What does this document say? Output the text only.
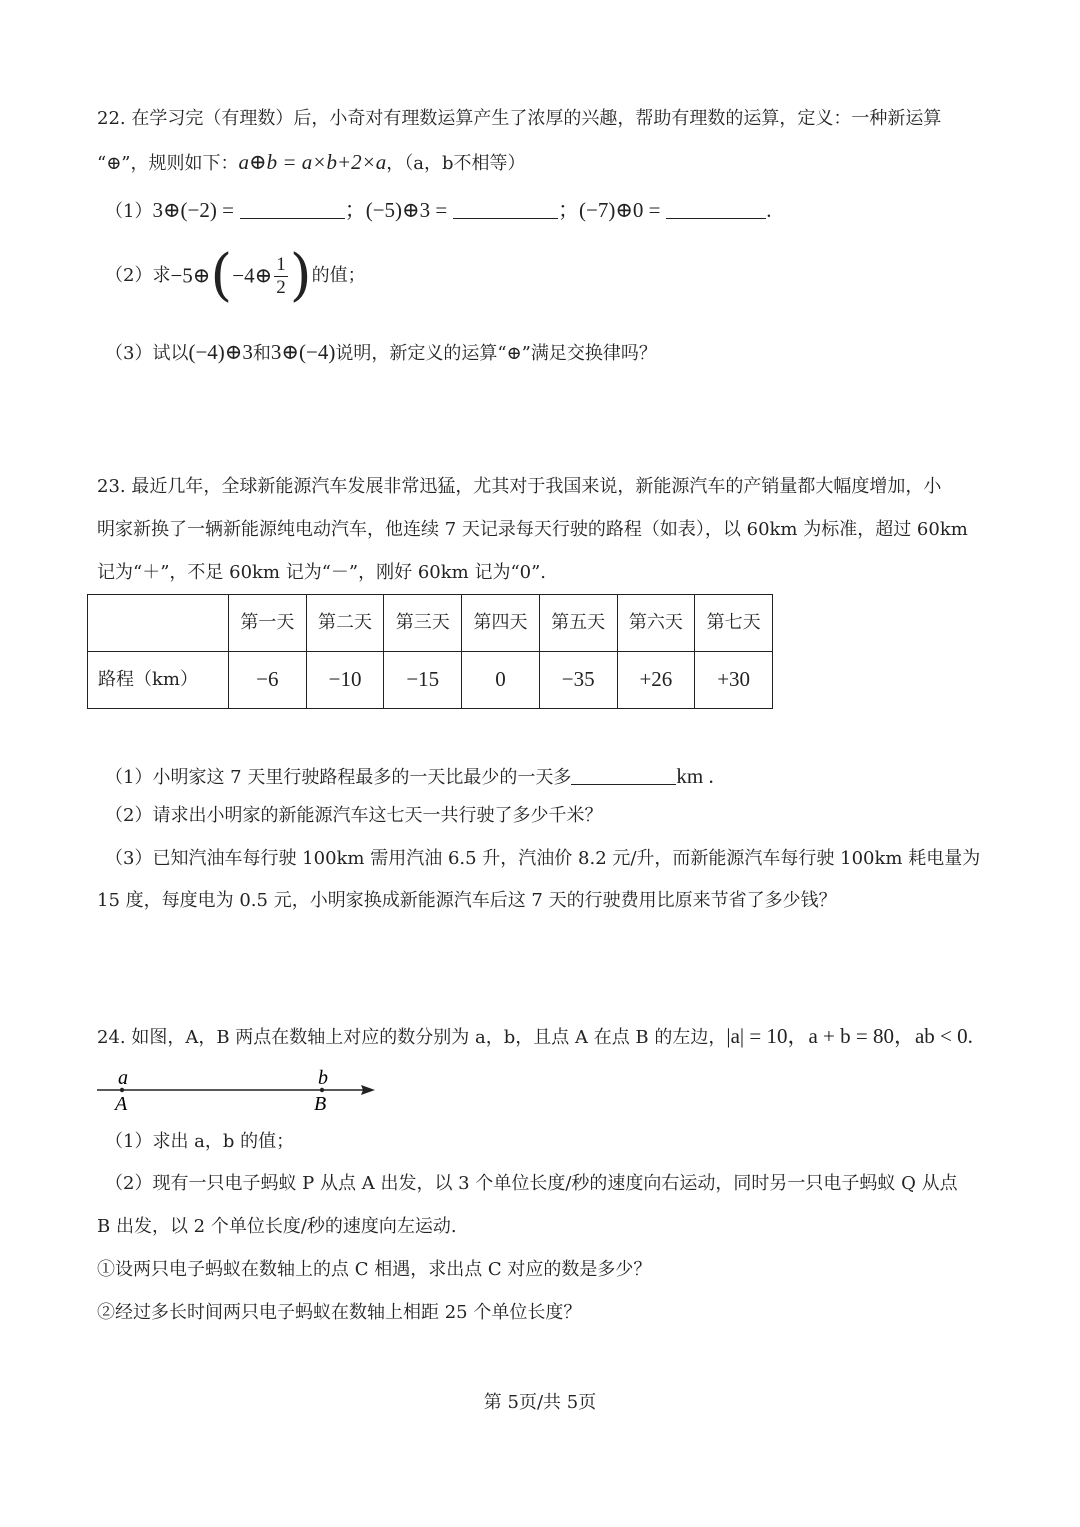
22. 在学习完（有理数）后，小奇对有理数运算产生了浓厚的兴趣，帮助有理数的运算，定义：一种新运算
“⊕”，规则如下：a⊕b = a×b+2×a，（a，b不相等）
（1）3⊕(−2) =	；(−5)⊕3 =	；(−7)⊕0 =	.
（2）求−5⊕(−4⊕ $\frac{1}{2}$ )的值；
（3）试以(−4)⊕3和3⊕(−4)说明，新定义的运算“⊕”满足交换律吗？
23. 最近几年，全球新能源汽车发展非常迅猛，尤其对于我国来说，新能源汽车的产销量都大幅度增加，小
明家新换了一辆新能源纯电动汽车，他连续 7 天记录每天行驶的路程（如表），以 60km 为标准，超过 60km
记为“＋”，不足 60km 记为“－”，刚好 60km 记为“0”.
	第一天	第二天	第三天	第四天	第五天	第六天	第七天
路程（km）	−6	−10	−15	0	−35	+26	+30
（1）小明家这 7 天里行驶路程最多的一天比最少的一天多	km .
（2）请求出小明家的新能源汽车这七天一共行驶了多少千米？
（3）已知汽油车每行驶 100km 需用汽油 6.5 升，汽油价 8.2 元/升，而新能源汽车每行驶 100km 耗电量为
15 度，每度电为 0.5 元，小明家换成新能源汽车后这 7 天的行驶费用比原来节省了多少钱？
24. 如图，A，B 两点在数轴上对应的数分别为 a，b，且点 A 在点 B 的左边，|a| = 10，a + b = 80，ab < 0.
a	b
A	B
（1）求出 a，b 的值；
（2）现有一只电子蚂蚁 P 从点 A 出发，以 3 个单位长度/秒的速度向右运动，同时另一只电子蚂蚁 Q 从点
B 出发，以 2 个单位长度/秒的速度向左运动.
①设两只电子蚂蚁在数轴上的点 C 相遇，求出点 C 对应的数是多少？
②经过多长时间两只电子蚂蚁在数轴上相距 25 个单位长度？
第 5页/共 5页
